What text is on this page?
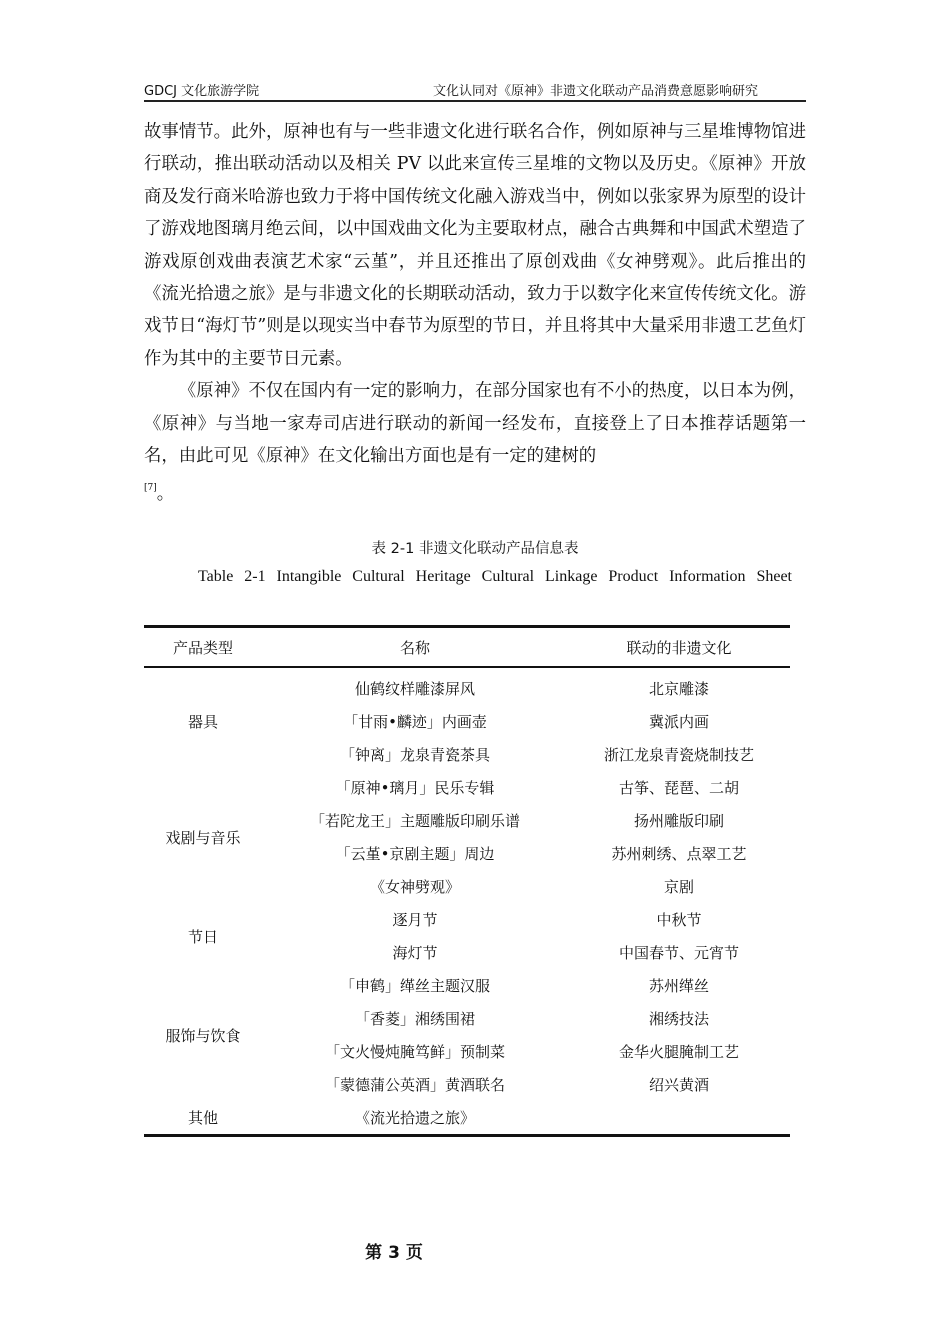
GDCJ 文化旅游学院	文化认同对《原神》非遗文化联动产品消费意愿影响研究

故事情节。此外，原神也有与一些非遗文化进行联名合作，例如原神与三星堆博物馆进行联动，推出联动活动以及相关 PV 以此来宣传三星堆的文物以及历史。《原神》开放商及发行商米哈游也致力于将中国传统文化融入游戏当中，例如以张家界为原型的设计了游戏地图璃月绝云间，以中国戏曲文化为主要取材点，融合古典舞和中国武术塑造了游戏原创戏曲表演艺术家“云堇”，并且还推出了原创戏曲《女神劈观》。此后推出的《流光拾遗之旅》是与非遗文化的长期联动活动，致力于以数字化来宣传传统文化。游戏节日“海灯节”则是以现实当中春节为原型的节日，并且将其中大量采用非遗工艺鱼灯作为其中的主要节日元素。

《原神》不仅在国内有一定的影响力，在部分国家也有不小的热度，以日本为例，《原神》与当地一家寿司店进行联动的新闻一经发布，直接登上了日本推荐话题第一名，由此可见《原神》在文化输出方面也是有一定的建树的

[7]。
表 2-1 非遗文化联动产品信息表
Table 2-1 Intangible Cultural Heritage Cultural Linkage Product Information Sheet
产品类型	名称	联动的非遗文化
器具	仙鹤纹样雕漆屏风	北京雕漆
	「甘雨•麟迹」内画壶	冀派内画
	「钟离」龙泉青瓷茶具	浙江龙泉青瓷烧制技艺
戏剧与音乐	「原神•璃月」民乐专辑	古筝、琵琶、二胡
	「若陀龙王」主题雕版印刷乐谱	扬州雕版印刷
	「云堇•京剧主题」周边	苏州刺绣、点翠工艺
	《女神劈观》	京剧
节日	逐月节	中秋节
	海灯节	中国春节、元宵节
服饰与饮食	「申鹤」缂丝主题汉服	苏州缂丝
	「香菱」湘绣围裙	湘绣技法
	「文火慢炖腌笃鲜」预制菜	金华火腿腌制工艺
	「蒙德蒲公英酒」黄酒联名	绍兴黄酒
其他	《流光拾遗之旅》	
第 3 页
